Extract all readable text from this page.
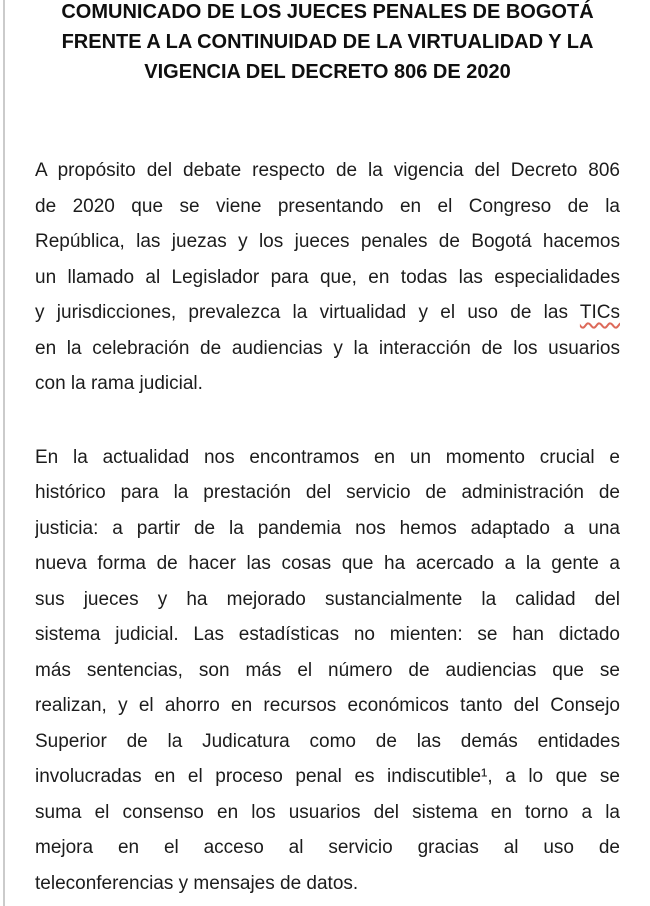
COMUNICADO DE LOS JUECES PENALES DE BOGOTÁ
FRENTE A LA CONTINUIDAD DE LA VIRTUALIDAD Y LA
VIGENCIA DEL DECRETO 806 DE 2020
A propósito del debate respecto de la vigencia del Decreto 806
de 2020 que se viene presentando en el Congreso de la
República, las juezas y los jueces penales de Bogotá hacemos
un llamado al Legislador para que, en todas las especialidades
y jurisdicciones, prevalezca la virtualidad y el uso de las TICs
en la celebración de audiencias y la interacción de los usuarios
con la rama judicial.
En la actualidad nos encontramos en un momento crucial e
histórico para la prestación del servicio de administración de
justicia: a partir de la pandemia nos hemos adaptado a una
nueva forma de hacer las cosas que ha acercado a la gente a
sus jueces y ha mejorado sustancialmente la calidad del
sistema judicial. Las estadísticas no mienten: se han dictado
más sentencias, son más el número de audiencias que se
realizan, y el ahorro en recursos económicos tanto del Consejo
Superior de la Judicatura como de las demás entidades
involucradas en el proceso penal es indiscutible¹, a lo que se
suma el consenso en los usuarios del sistema en torno a la
mejora en el acceso al servicio gracias al uso de
teleconferencias y mensajes de datos.
